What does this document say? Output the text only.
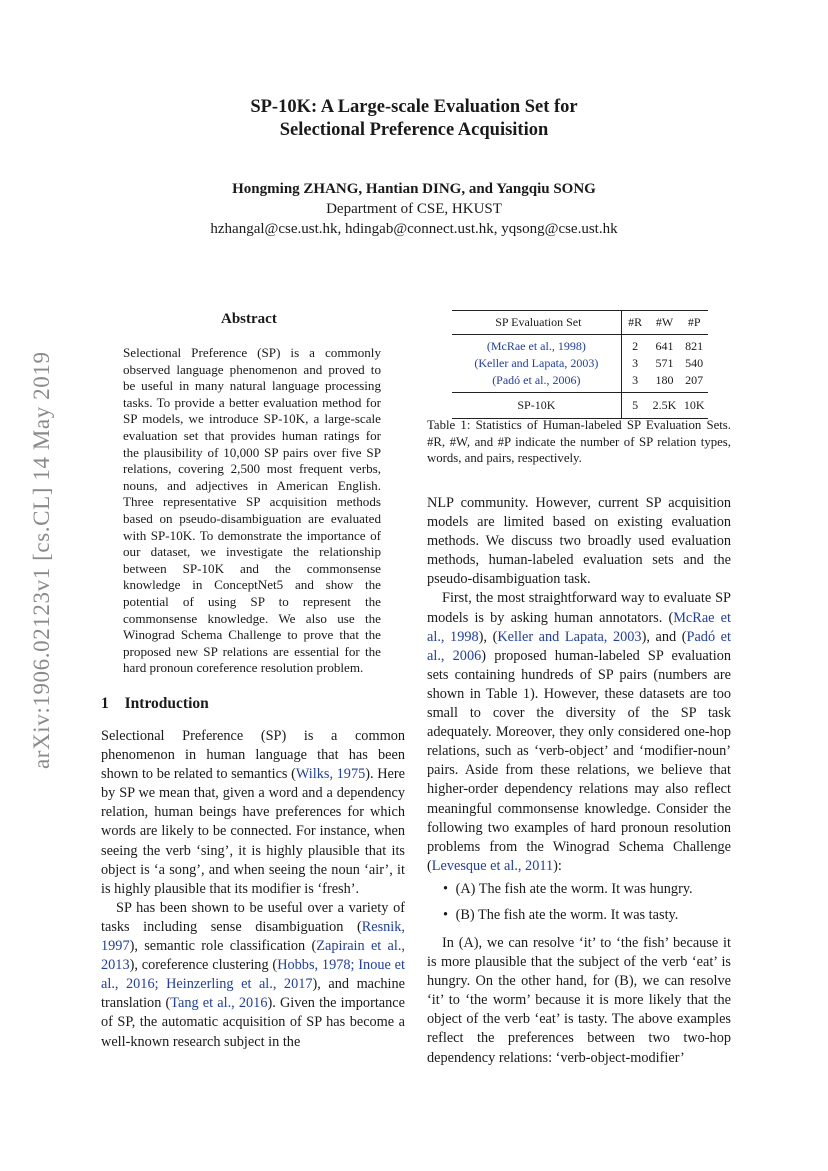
SP-10K: A Large-scale Evaluation Set for
Selectional Preference Acquisition
Hongming ZHANG, Hantian DING, and Yangqiu SONG
Department of CSE, HKUST
hzhangal@cse.ust.hk, hdingab@connect.ust.hk, yqsong@cse.ust.hk
arXiv:1906.02123v1 [cs.CL] 14 May 2019
Abstract

Selectional Preference (SP) is a commonly observed language phenomenon and proved to be useful in many natural language processing tasks. To provide a better evaluation method for SP models, we introduce SP-10K, a large-scale evaluation set that provides human ratings for the plausibility of 10,000 SP pairs over five SP relations, covering 2,500 most frequent verbs, nouns, and adjectives in American English. Three representative SP acquisition methods based on pseudo-disambiguation are evaluated with SP-10K. To demonstrate the importance of our dataset, we investigate the relationship between SP-10K and the commonsense knowledge in ConceptNet5 and show the potential of using SP to represent the commonsense knowledge. We also use the Winograd Schema Challenge to prove that the proposed new SP relations are essential for the hard pronoun coreference resolution problem.

1 Introduction

Selectional Preference (SP) is a common phenomenon in human language that has been shown to be related to semantics (Wilks, 1975). Here by SP we mean that, given a word and a dependency relation, human beings have preferences for which words are likely to be connected. For instance, when seeing the verb ‘sing’, it is highly plausible that its object is ‘a song’, and when seeing the noun ‘air’, it is highly plausible that its modifier is ‘fresh’.

SP has been shown to be useful over a variety of tasks including sense disambiguation (Resnik, 1997), semantic role classification (Zapirain et al., 2013), coreference clustering (Hobbs, 1978; Inoue et al., 2016; Heinzerling et al., 2017), and machine translation (Tang et al., 2016). Given the importance of SP, the automatic acquisition of SP has become a well-known research subject in the

SP Evaluation Set	#R	#W	#P
(McRae et al., 1998)	2	641	821
(Keller and Lapata, 2003)	3	571	540
(Padó et al., 2006)	3	180	207
SP-10K	5	2.5K	10K
Table 1: Statistics of Human-labeled SP Evaluation Sets. #R, #W, and #P indicate the number of SP relation types, words, and pairs, respectively.

NLP community. However, current SP acquisition models are limited based on existing evaluation methods. We discuss two broadly used evaluation methods, human-labeled evaluation sets and the pseudo-disambiguation task.

First, the most straightforward way to evaluate SP models is by asking human annotators. (McRae et al., 1998), (Keller and Lapata, 2003), and (Padó et al., 2006) proposed human-labeled SP evaluation sets containing hundreds of SP pairs (numbers are shown in Table 1). However, these datasets are too small to cover the diversity of the SP task adequately. Moreover, they only considered one-hop relations, such as ‘verb-object’ and ‘modifier-noun’ pairs. Aside from these relations, we believe that higher-order dependency relations may also reflect meaningful commonsense knowledge. Consider the following two examples of hard pronoun resolution problems from the Winograd Schema Challenge (Levesque et al., 2011):

• (A) The fish ate the worm. It was hungry.
• (B) The fish ate the worm. It was tasty.

In (A), we can resolve ‘it’ to ‘the fish’ because it is more plausible that the subject of the verb ‘eat’ is hungry. On the other hand, for (B), we can resolve ‘it’ to ‘the worm’ because it is more likely that the object of the verb ‘eat’ is tasty. The above examples reflect the preferences between two two-hop dependency relations: ‘verb-object-modifier’
